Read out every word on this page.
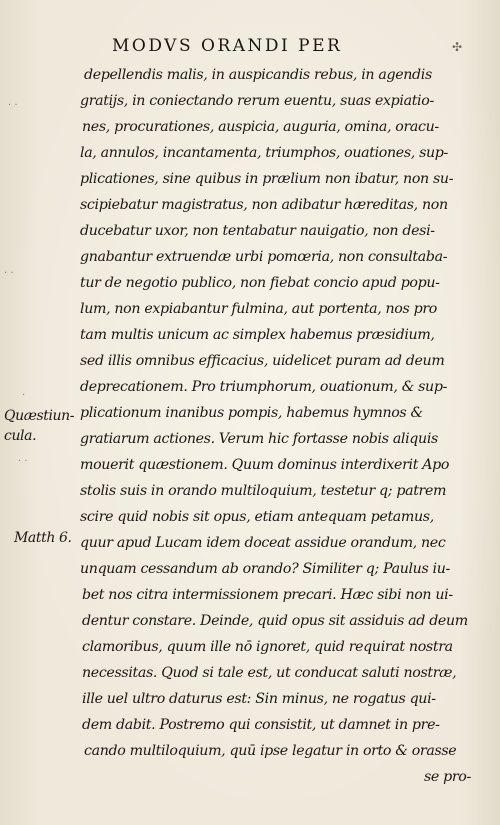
MODVS ORANDI PER	✣
depellendis malis, in auspicandis rebus, in agendis
gratijs, in coniectando rerum euentu, suas expiatio-
nes, procurationes, auspicia, auguria, omina, oracu-
la, annulos, incantamenta, triumphos, ouationes, sup-
plicationes, sine quibus in prælium non ibatur, non su-
scipiebatur magistratus, non adibatur hæreditas, non
ducebatur uxor, non tentabatur nauigatio, non desi-
gnabantur extruendæ urbi pomœria, non consultaba-
tur de negotio publico, non fiebat concio apud popu-
lum, non expiabantur fulmina, aut portenta, nos pro
tam multis unicum ac simplex habemus præsidium,
sed illis omnibus efficacius, uidelicet puram ad deum
deprecationem. Pro triumphorum, ouationum, & sup-
plicationum inanibus pompis, habemus hymnos &
gratiarum actiones. Verum hic fortasse nobis aliquis
mouerit quæstionem. Quum dominus interdixerit Apo
stolis suis in orando multiloquium, testetur q; patrem
scire quid nobis sit opus, etiam antequam petamus,
quur apud Lucam idem doceat assidue orandum, nec
unquam cessandum ab orando? Similiter q; Paulus iu-
bet nos citra intermissionem precari. Hæc sibi non ui-
dentur constare. Deinde, quid opus sit assiduis ad deum
clamoribus, quum ille nō ignoret, quid requirat nostra
necessitas. Quod si tale est, ut conducat saluti nostræ,
ille uel ultro daturus est: Sin minus, ne rogatus qui-
dem dabit. Postremo qui consistit, ut damnet in pre-
cando multiloquium, quū ipse legatur in orto & orasse
se pro-
Quæstiun-
cula.
Matth 6.
· ·
· ·
·
· ·
